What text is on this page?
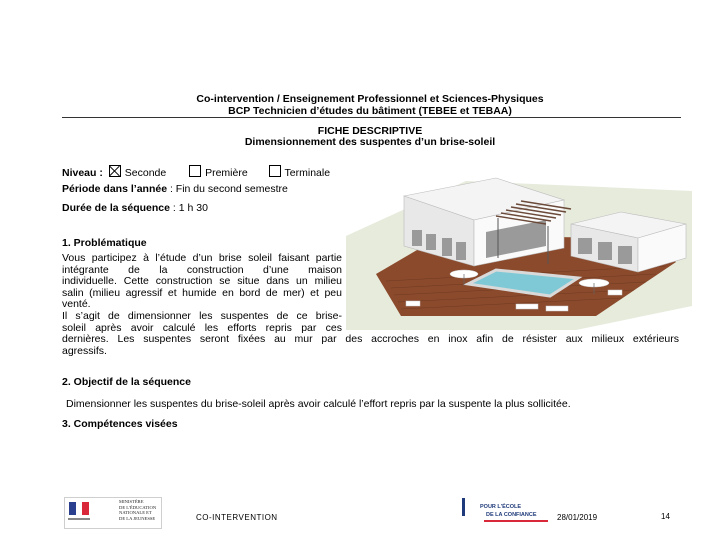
Co-intervention / Enseignement Professionnel et Sciences-Physiques
BCP Technicien d’études du bâtiment (TEBEE et TEBAA)
FICHE DESCRIPTIVE
Dimensionnement des suspentes d’un brise-soleil
Niveau : Seconde	Première	Terminale
Période dans l’année : Fin du second semestre
Durée de la séquence : 1 h 30
1. Problématique
Vous participez à l’étude d’un brise soleil faisant partie
intégrante de la construction d’une maison
individuelle. Cette construction se situe dans un milieu
salin (milieu agressif et humide en bord de mer) et peu
venté.
Il s’agit de dimensionner les suspentes de ce brise-
soleil après avoir calculé les efforts repris par ces
dernières. Les suspentes seront fixées au mur par des accroches en inox afin de résister aux milieux extérieurs
agressifs.
2. Objectif de la séquence
Dimensionner les suspentes du brise-soleil après avoir calculé l’effort repris par la suspente la plus sollicitée.
3. Compétences visées
MINISTÈRE
DE L'ÉDUCATION
NATIONALE ET
DE LA JEUNESSE	CO-INTERVENTION
POUR L'ÉCOLE
DE LA CONFIANCE	28/01/2019	14
